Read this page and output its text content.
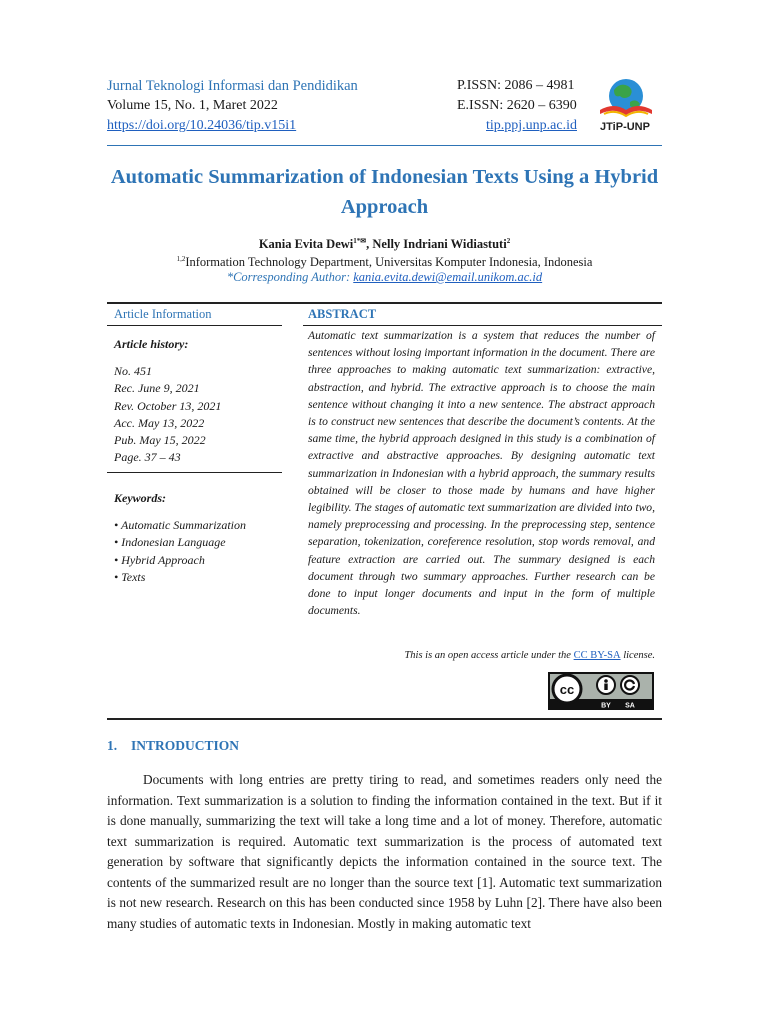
Jurnal Teknologi Informasi dan Pendidikan
Volume 15, No. 1, Maret 2022
https://doi.org/10.24036/tip.v15i1
P.ISSN: 2086 – 4981
E.ISSN: 2620 – 6390
tip.ppj.unp.ac.id JTiP-UNP
Automatic Summarization of Indonesian Texts Using a Hybrid Approach
Kania Evita Dewi$^{1*✉}$, Nelly Indriani Widiastuti$^2$
$^{1,2}$Information Technology Department, Universitas Komputer Indonesia, Indonesia
*Corresponding Author: kania.evita.dewi@email.unikom.ac.id
Article Information	ABSTRACT
Article history:
No. 451
Rec. June 9, 2021
Rev. October 13, 2021
Acc. May 13, 2022
Pub. May 15, 2022
Page. 37 – 43
Keywords:
• Automatic Summarization
• Indonesian Language
• Hybrid Approach
• Texts
Automatic text summarization is a system that reduces the number of sentences without losing important information in the document. There are three approaches to making automatic text summarization: extractive, abstraction, and hybrid. The extractive approach is to choose the main sentence without changing it into a new sentence. The abstract approach is to construct new sentences that describe the document’s contents. At the same time, the hybrid approach designed in this study is a combination of extractive and abstractive approaches. By designing automatic text summarization in Indonesian with a hybrid approach, the summary results obtained will be closer to those made by humans and have higher legibility. The stages of automatic text summarization are divided into two, namely preprocessing and processing. In the preprocessing step, sentence separation, tokenization, coreference resolution, stop words removal, and feature extraction are carried out. The summary designed is each document through two summary approaches. Further research can be done to input longer documents and input in the form of multiple documents.
This is an open access article under the CC BY-SA license.
cc
BY SA
1. INTRODUCTION
Documents with long entries are pretty tiring to read, and sometimes readers only need the information. Text summarization is a solution to finding the information contained in the text. But if it is done manually, summarizing the text will take a long time and a lot of money. Therefore, automatic text summarization is required. Automatic text summarization is the process of automated text generation by software that significantly depicts the information contained in the source text. The contents of the summarized result are no longer than the source text [1]. Automatic text summarization is not new research. Research on this has been conducted since 1958 by Luhn [2]. There have also been many studies of automatic texts in Indonesian. Mostly in making automatic text
